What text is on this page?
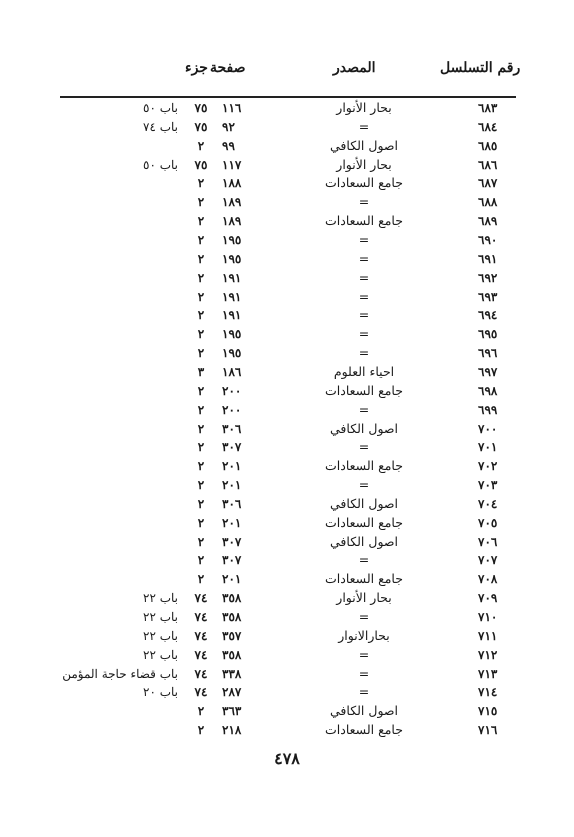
رقم التسلسل
المصدر
صفحة
جزء
٦٨٣
بحار الأنوار
١١٦
٧٥
باب ٥٠
٦٨٤
=
٩٢
٧٥
باب ٧٤
٦٨٥
اصول الكافي
٩٩
٢
٦٨٦
بحار الأنوار
١١٧
٧٥
باب ٥٠
٦٨٧
جامع السعادات
١٨٨
٢
٦٨٨
=
١٨٩
٢
٦٨٩
جامع السعادات
١٨٩
٢
٦٩٠
=
١٩٥
٢
٦٩١
=
١٩٥
٢
٦٩٢
=
١٩١
٢
٦٩٣
=
١٩١
٢
٦٩٤
=
١٩١
٢
٦٩٥
=
١٩٥
٢
٦٩٦
=
١٩٥
٢
٦٩٧
احياء العلوم
١٨٦
٣
٦٩٨
جامع السعادات
٢٠٠
٢
٦٩٩
=
٢٠٠
٢
٧٠٠
اصول الكافي
٣٠٦
٢
٧٠١
=
٣٠٧
٢
٧٠٢
جامع السعادات
٢٠١
٢
٧٠٣
=
٢٠١
٢
٧٠٤
اصول الكافي
٣٠٦
٢
٧٠٥
جامع السعادات
٢٠١
٢
٧٠٦
اصول الكافي
٣٠٧
٢
٧٠٧
=
٣٠٧
٢
٧٠٨
جامع السعادات
٢٠١
٢
٧٠٩
بحار الأنوار
٣٥٨
٧٤
باب ٢٢
٧١٠
=
٣٥٨
٧٤
باب ٢٢
٧١١
بحارالانوار
٣٥٧
٧٤
باب ٢٢
٧١٢
=
٣٥٨
٧٤
باب ٢٢
٧١٣
=
٣٣٨
٧٤
باب قضاء حاجة المؤمن
٧١٤
=
٢٨٧
٧٤
باب ٢٠
٧١٥
اصول الكافي
٣٦٣
٢
٧١٦
جامع السعادات
٢١٨
٢
٤٧٨
